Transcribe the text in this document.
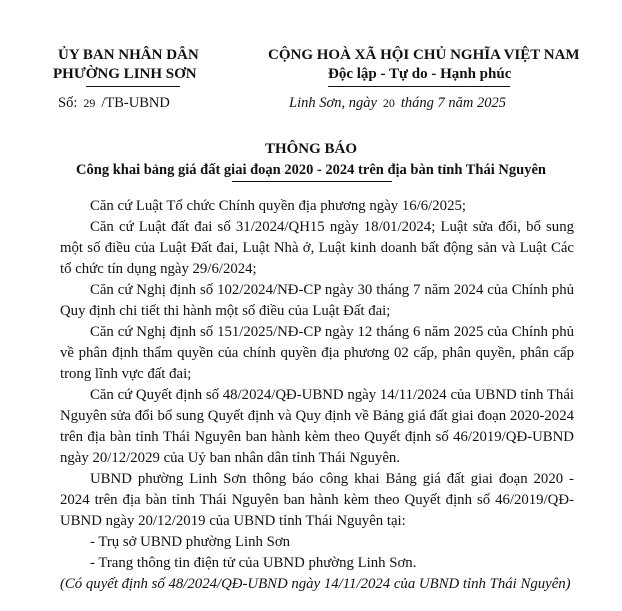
ỦY BAN NHÂN DÂN
PHƯỜNG LINH SƠN
CỘNG HOÀ XÃ HỘI CHỦ NGHĨA VIỆT NAM
Độc lập - Tự do - Hạnh phúc
Số: 29 /TB-UBND	Linh Sơn, ngày 20 tháng 7 năm 2025
THÔNG BÁO
Công khai bảng giá đất giai đoạn 2020 - 2024 trên địa bàn tỉnh Thái Nguyên

Căn cứ Luật Tổ chức Chính quyền địa phương ngày 16/6/2025;

Căn cứ Luật đất đai số 31/2024/QH15 ngày 18/01/2024; Luật sửa đổi, bổ sung một số điều của Luật Đất đai, Luật Nhà ở, Luật kinh doanh bất động sản và Luật Các tổ chức tín dụng ngày 29/6/2024;

Căn cứ Nghị định số 102/2024/NĐ-CP ngày 30 tháng 7 năm 2024 của Chính phủ Quy định chi tiết thi hành một số điều của Luật Đất đai;

Căn cứ Nghị định số 151/2025/NĐ-CP ngày 12 tháng 6 năm 2025 của Chính phủ về phân định thẩm quyền của chính quyền địa phương 02 cấp, phân quyền, phân cấp trong lĩnh vực đất đai;

Căn cứ Quyết định số 48/2024/QĐ-UBND ngày 14/11/2024 của UBND tỉnh Thái Nguyên sửa đổi bổ sung Quyết định và Quy định về Bảng giá đất giai đoạn 2020-2024 trên địa bàn tỉnh Thái Nguyên ban hành kèm theo Quyết định số 46/2019/QĐ-UBND ngày 20/12/2029 của Uỷ ban nhân dân tỉnh Thái Nguyên.

UBND phường Linh Sơn thông báo công khai Bảng giá đất giai đoạn 2020 - 2024 trên địa bàn tỉnh Thái Nguyên ban hành kèm theo Quyết định số 46/2019/QĐ-UBND ngày 20/12/2019 của UBND tỉnh Thái Nguyên tại:

- Trụ sở UBND phường Linh Sơn

- Trang thông tin điện tử của UBND phường Linh Sơn.

(Có quyết định số 48/2024/QĐ-UBND ngày 14/11/2024 của UBND tỉnh Thái Nguyên)
